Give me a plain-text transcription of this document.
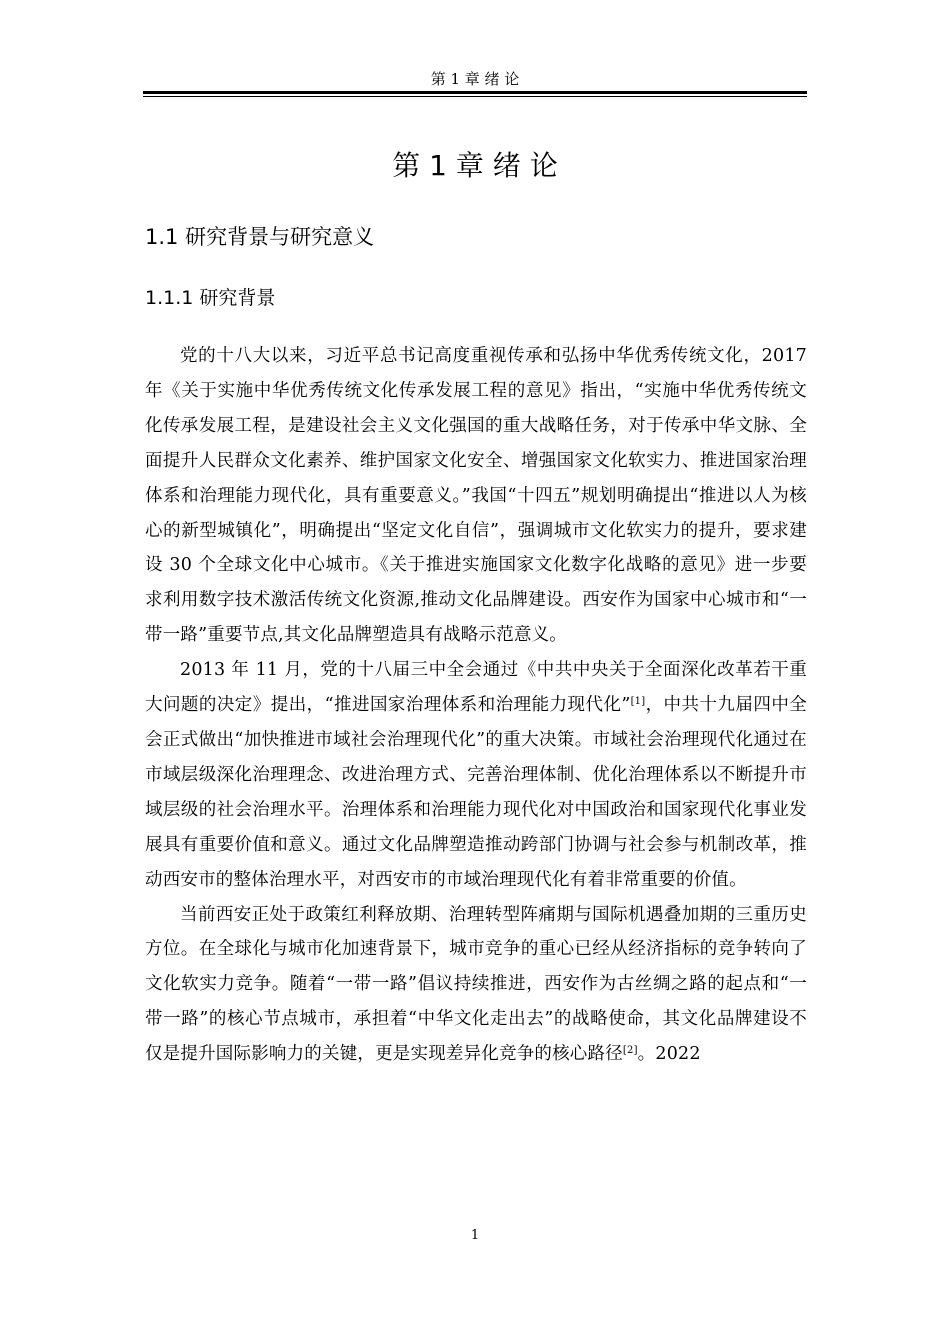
第 1 章 绪 论
第 1 章 绪 论
1.1 研究背景与研究意义
1.1.1 研究背景

党的十八大以来，习近平总书记高度重视传承和弘扬中华优秀传统文化，2017 年《关于实施中华优秀传统文化传承发展工程的意见》指出，“实施中华优秀传统文化传承发展工程，是建设社会主义文化强国的重大战略任务，对于传承中华文脉、全面提升人民群众文化素养、维护国家文化安全、增强国家文化软实力、推进国家治理体系和治理能力现代化，具有重要意义。”我国“十四五”规划明确提出“推进以人为核心的新型城镇化”，明确提出“坚定文化自信”，强调城市文化软实力的提升，要求建设 30 个全球文化中心城市。《关于推进实施国家文化数字化战略的意见》进一步要求利用数字技术激活传统文化资源,推动文化品牌建设。西安作为国家中心城市和“一带一路”重要节点,其文化品牌塑造具有战略示范意义。

2013 年 11 月，党的十八届三中全会通过《中共中央关于全面深化改革若干重大问题的决定》提出，“推进国家治理体系和治理能力现代化”[1]，中共十九届四中全会正式做出“加快推进市域社会治理现代化”的重大决策。市域社会治理现代化通过在市域层级深化治理理念、改进治理方式、完善治理体制、优化治理体系以不断提升市域层级的社会治理水平。治理体系和治理能力现代化对中国政治和国家现代化事业发展具有重要价值和意义。通过文化品牌塑造推动跨部门协调与社会参与机制改革，推动西安市的整体治理水平，对西安市的市域治理现代化有着非常重要的价值。

当前西安正处于政策红利释放期、治理转型阵痛期与国际机遇叠加期的三重历史方位。在全球化与城市化加速背景下，城市竞争的重心已经从经济指标的竞争转向了文化软实力竞争。随着“一带一路”倡议持续推进，西安作为古丝绸之路的起点和“一带一路”的核心节点城市，承担着“中华文化走出去”的战略使命，其文化品牌建设不仅是提升国际影响力的关键，更是实现差异化竞争的核心路径[2]。2022

1
